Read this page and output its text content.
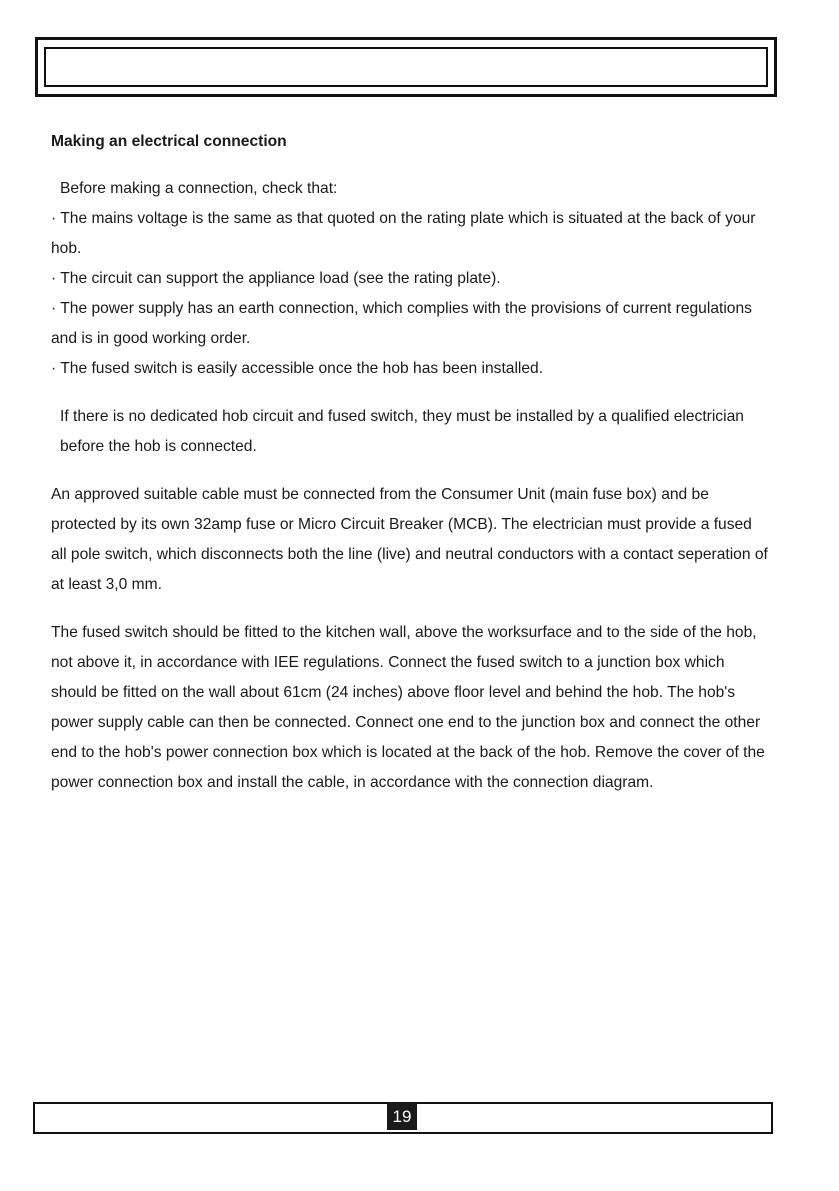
Making an electrical connection
Before making a connection, check that:
· The mains voltage is the same as that quoted on the rating plate which is situated at the back of your hob.
· The circuit can support the appliance load (see the rating plate).
· The power supply has an earth connection, which complies with the provisions of current regulations and is in good working order.
· The fused switch is easily accessible once the hob has been installed.
If there is no dedicated hob circuit and fused switch, they must be installed by a qualified electrician before the hob is connected.
An approved suitable cable must be connected from the Consumer Unit (main fuse box) and be protected by its own 32amp fuse or Micro Circuit Breaker (MCB). The electrician must provide a fused all pole switch, which disconnects both the line (live) and neutral conductors with a contact seperation of at least 3,0 mm.
The fused switch should be fitted to the kitchen wall, above the worksurface and to the side of the hob, not above it, in accordance with IEE regulations. Connect the fused switch to a junction box which should be fitted on the wall about 61cm (24 inches) above floor level and behind the hob. The hob's power supply cable can then be connected. Connect one end to the junction box and connect the other end to the hob's power connection box which is located at the back of the hob. Remove the cover of the power connection box and install the cable, in accordance with the connection diagram.
19
